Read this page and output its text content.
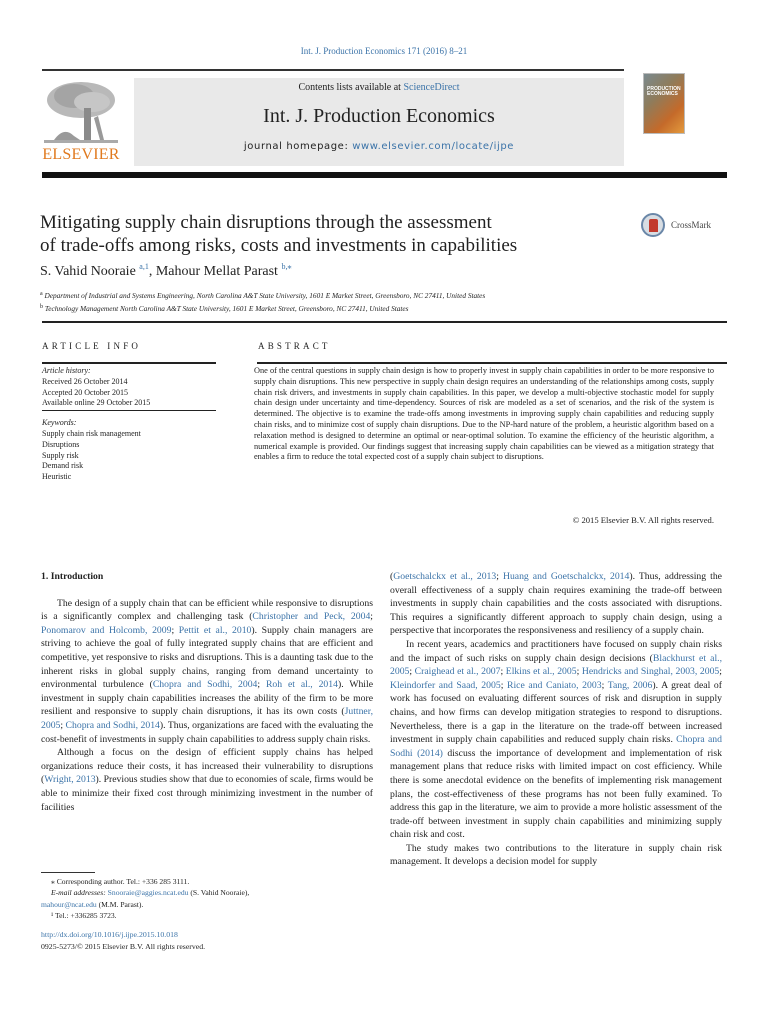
Int. J. Production Economics 171 (2016) 8–21
ELSEVIER
Contents lists available at ScienceDirect
Int. J. Production Economics
journal homepage: www.elsevier.com/locate/ijpe
PRODUCTION
ECONOMICS
Mitigating supply chain disruptions through the assessment
of trade-offs among risks, costs and investments in capabilities
CrossMark
S. Vahid Nooraie $^{a,1}$, Mahour Mellat Parast $^{b,⁎}$
$^a$ Department of Industrial and Systems Engineering, North Carolina A&T State University, 1601 E Market Street, Greensboro, NC 27411, United States
$^b$ Technology Management North Carolina A&T State University, 1601 E Market Street, Greensboro, NC 27411, United States
ARTICLE INFO	ABSTRACT
Article history:
Received 26 October 2014
Accepted 20 October 2015
Available online 29 October 2015
Keywords:
Supply chain risk management
Disruptions
Supply risk
Demand risk
Heuristic
One of the central questions in supply chain design is how to properly invest in supply chain capabilities in order to be more responsive to supply chain disruptions. This new perspective in supply chain design requires an understanding of the relationships among costs, supply chain risk drivers, and investments in supply chain capabilities. In this paper, we develop a multi-objective stochastic model for supply chain design under uncertainty and time-dependency. Sources of risk are modeled as a set of scenarios, and the risk of the system is determined. The objective is to examine the trade-offs among investments in improving supply chain capabilities and reducing supply chain risks, and to minimize cost of supply chain disruptions. Due to the NP-hard nature of the problem, a heuristic algorithm based on a relaxation method is designed to determine an optimal or near-optimal solution. To examine the efficiency of the heuristic algorithm, a numerical example is provided. Our findings suggest that increasing supply chain capabilities can be viewed as a mitigation strategy that enables a firm to reduce the total expected cost of a supply chain subject to disruptions.
© 2015 Elsevier B.V. All rights reserved.
1. Introduction

The design of a supply chain that can be efficient while responsive to disruptions is a significantly complex and challenging task (Christopher and Peck, 2004; Ponomarov and Holcomb, 2009; Pettit et al., 2010). Supply chain managers are striving to achieve the goal of fully integrated supply chains that are efficient and competitive, yet responsive to risks and disruptions. This is a daunting task due to the inherent risks in global supply chains, ranging from demand uncertainty to environmental turbulence (Chopra and Sodhi, 2004; Roh et al., 2014). While investment in supply chain capabilities increases the ability of the firm to be more resilient and responsive to supply chain disruptions, it has its own costs (Juttner, 2005; Chopra and Sodhi, 2014). Thus, organizations are faced with the evaluating the cost-benefit of investments in supply chain capabilities to address supply chain risks.

Although a focus on the design of efficient supply chains has helped organizations reduce their costs, it has increased their vulnerability to disruptions (Wright, 2013). Previous studies show that due to economies of scale, firms would be able to minimize their fixed cost through minimizing investment in the number of facilities

(Goetschalckx et al., 2013; Huang and Goetschalckx, 2014). Thus, addressing the overall effectiveness of a supply chain requires examining the trade-off between investments in supply chain capabilities and the costs associated with disruptions. This requires a significantly different approach to supply chain design, using a perspective that incorporates the responsiveness and resiliency of a supply chain.

In recent years, academics and practitioners have focused on supply chain risks and the impact of such risks on supply chain design decisions (Blackhurst et al., 2005; Craighead et al., 2007; Elkins et al., 2005; Hendricks and Singhal, 2003, 2005; Kleindorfer and Saad, 2005; Rice and Caniato, 2003; Tang, 2006). A great deal of work has focused on evaluating different sources of risk and disruption in supply chains, and how firms can develop mitigation strategies to respond to disruptions. Nevertheless, there is a gap in the literature on the trade-off between increased investment in supply chain capabilities and reduced supply chain risks. Chopra and Sodhi (2014) discuss the importance of development and implementation of risk management plans that reduce risks with limited impact on cost efficiency. While there is some anecdotal evidence on the benefits of implementing risk management plans, the cost-effectiveness of these programs has not been fully examined. To address this gap in the literature, we aim to provide a more holistic assessment of the trade-off between investment in supply chain capabilities and minimizing supply chain risk and cost.

The study makes two contributions to the literature in supply chain risk management. It develops a decision model for supply

⁎ Corresponding author. Tel.: +336 285 3111.
E-mail addresses: Snooraie@aggies.ncat.edu (S. Vahid Nooraie),
mahour@ncat.edu (M.M. Parast).
¹ Tel.: +336285 3723.
http://dx.doi.org/10.1016/j.ijpe.2015.10.018
0925-5273/© 2015 Elsevier B.V. All rights reserved.
